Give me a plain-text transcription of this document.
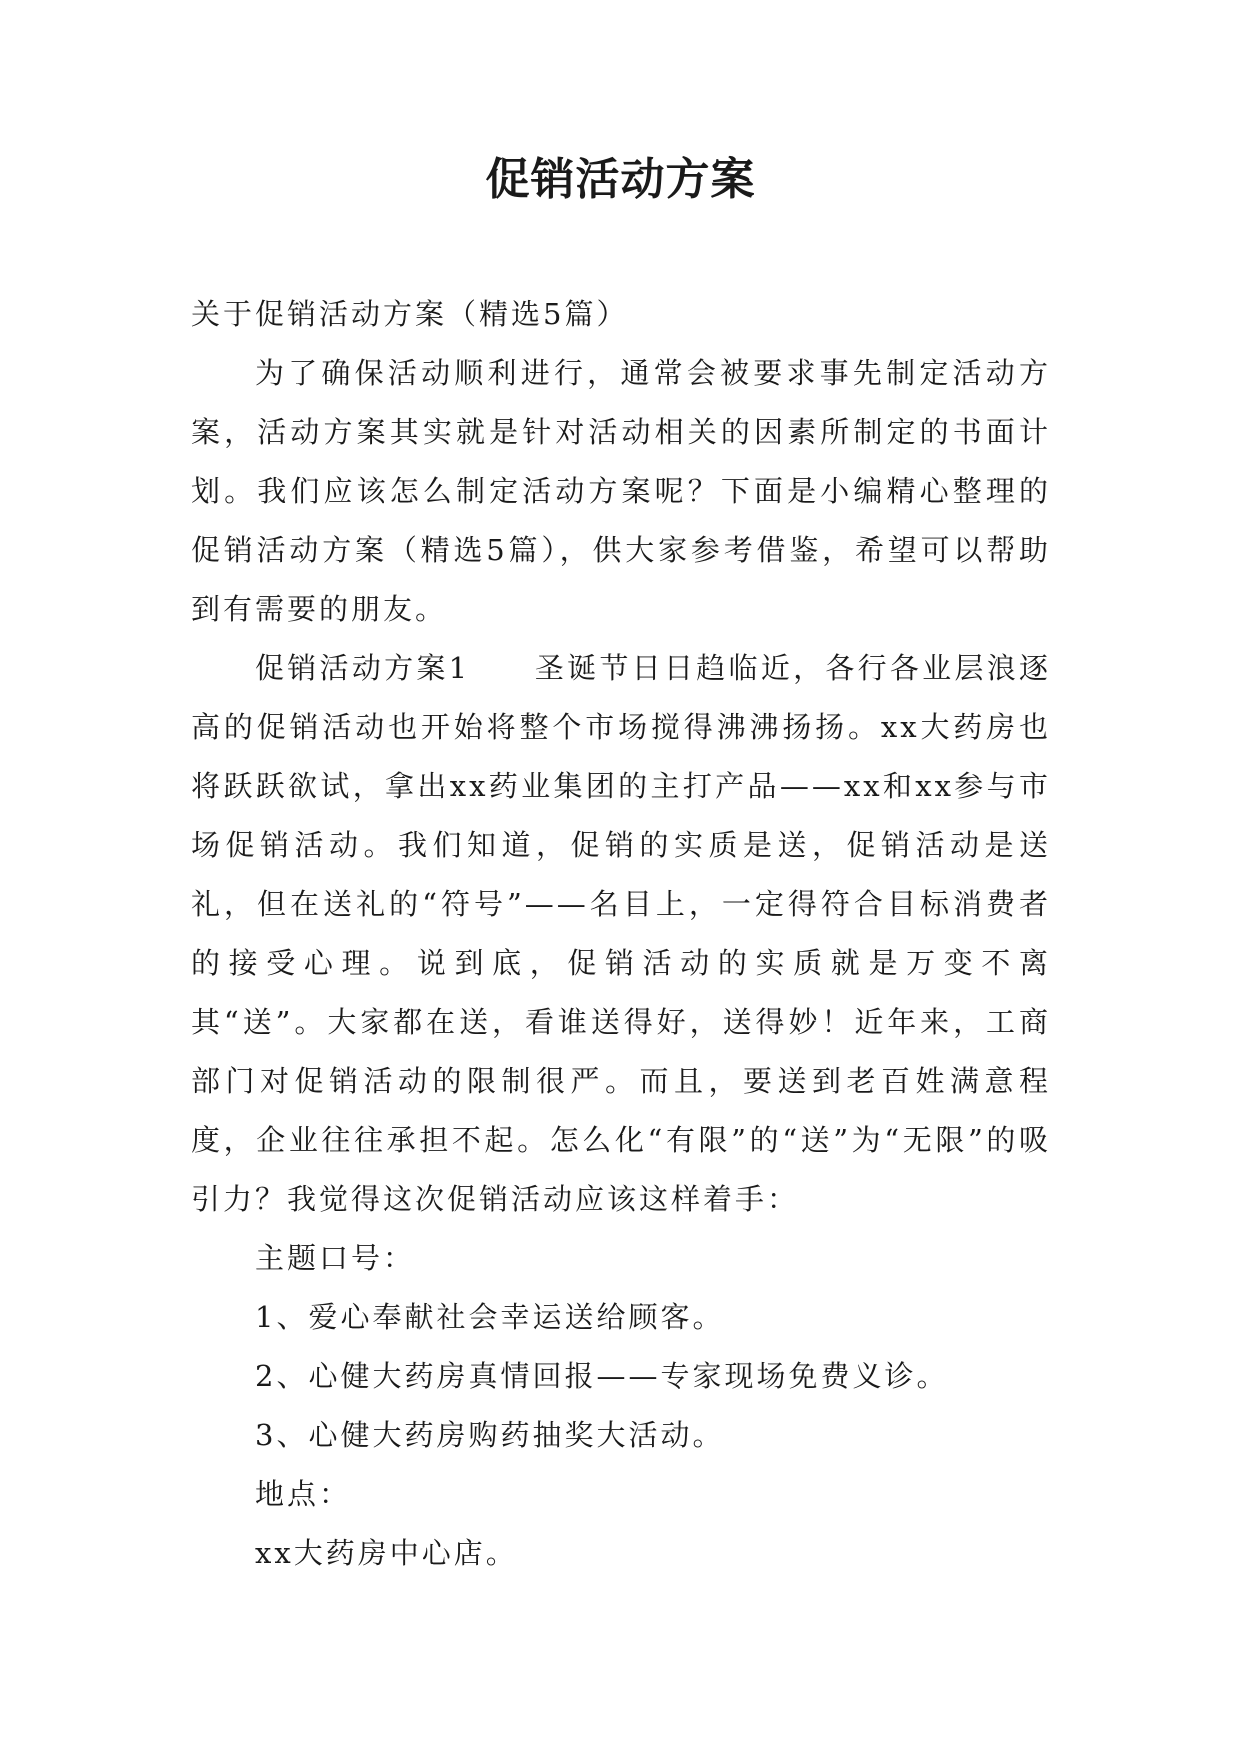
促销活动方案

关于促销活动方案（精选5篇）

为了确保活动顺利进行，通常会被要求事先制定活动方案，活动方案其实就是针对活动相关的因素所制定的书面计划。我们应该怎么制定活动方案呢？下面是小编精心整理的促销活动方案（精选5篇），供大家参考借鉴，希望可以帮助到有需要的朋友。

促销活动方案1　　圣诞节日日趋临近，各行各业层浪逐高的促销活动也开始将整个市场搅得沸沸扬扬。xx大药房也将跃跃欲试，拿出xx药业集团的主打产品——xx和xx参与市场促销活动。我们知道，促销的实质是送，促销活动是送礼，但在送礼的“符号”——名目上，一定得符合目标消费者的接受心理。说到底，促销活动的实质就是万变不离其“送”。大家都在送，看谁送得好，送得妙！近年来，工商部门对促销活动的限制很严。而且，要送到老百姓满意程度，企业往往承担不起。怎么化“有限”的“送”为“无限”的吸引力？我觉得这次促销活动应该这样着手：

主题口号：

1、爱心奉献社会幸运送给顾客。

2、心健大药房真情回报——专家现场免费义诊。

3、心健大药房购药抽奖大活动。

地点：

xx大药房中心店。
